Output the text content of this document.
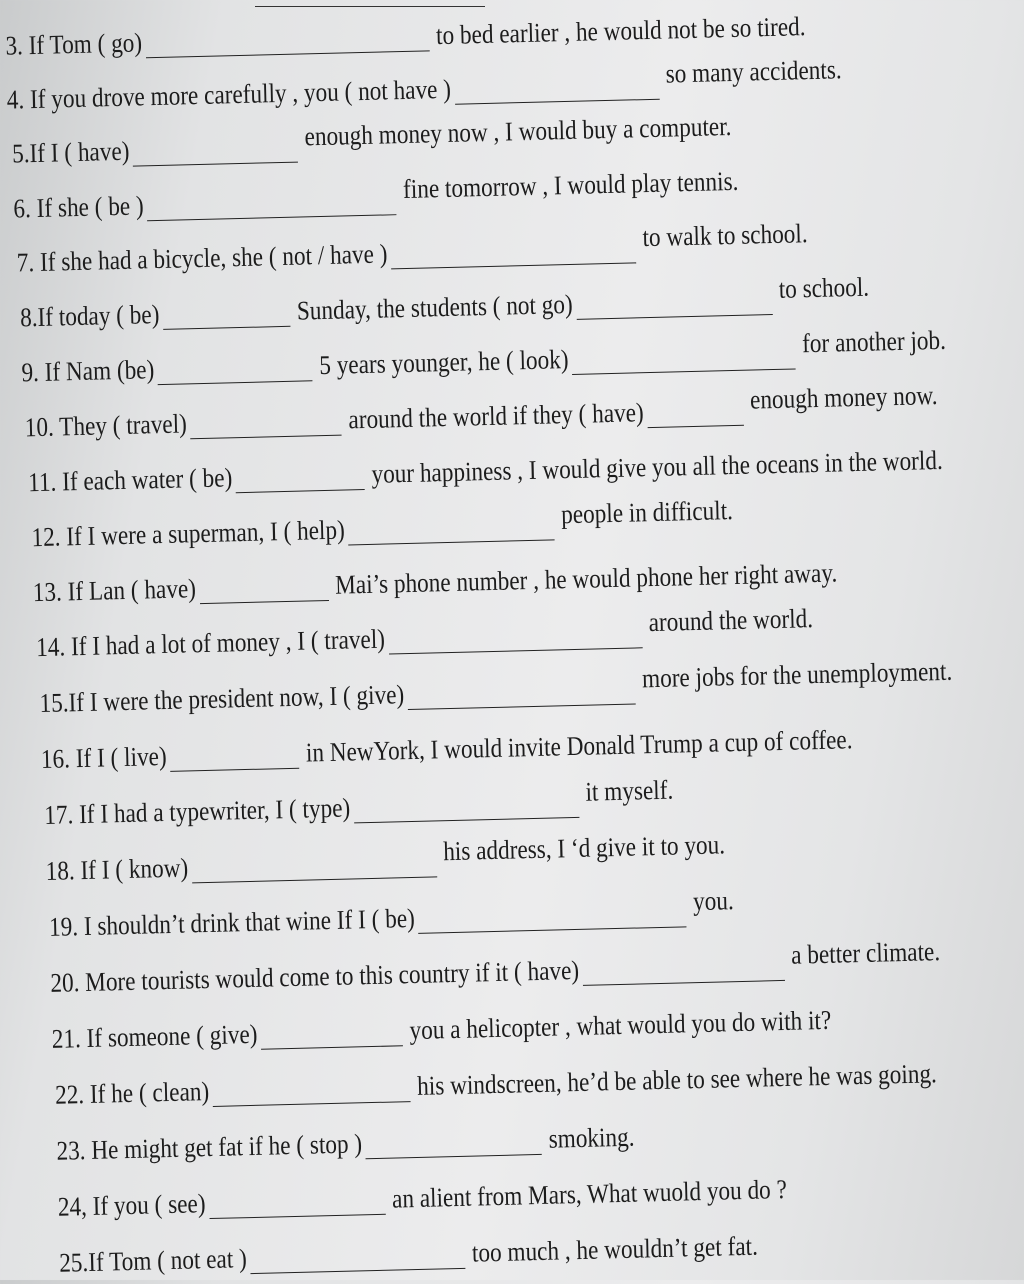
3. If Tom ( go)	to bed earlier , he would not be so tired.
4. If you drove more carefully , you ( not have )so many accidents.
5.If I ( have)enough money now , I would buy a computer.
6. If she ( be )fine tomorrow , I would play tennis.
7. If she had a bicycle, she ( not / have )to walk to school.
8.If today ( be)	Sunday, the students ( not go)to school.
9. If Nam (be)	5 years younger, he ( look)for another job.
10. They ( travel)	around the world if they ( have)	enough money now.
11. If each water ( be)	your happiness , I would give you all the oceans in the world.
12. If I were a superman, I ( help)people in difficult.
13. If Lan ( have)	Mai’s phone number , he would phone her right away.
14. If I had a lot of money , I ( travel)around the world.
15.If I were the president now, I ( give)more jobs for the unemployment.
16. If I ( live)	in NewYork, I would invite Donald Trump a cup of coffee.
17. If I had a typewriter, I ( type)it myself.
18. If I ( know)his address, I ‘d give it to you.
19. I shouldn’t drink that wine If I ( be)you.
20. More tourists would come to this country if it ( have)a better climate.
21. If someone ( give)	you a helicopter , what would you do with it?
22. If he ( clean)	his windscreen, he’d be able to see where he was going.
23. He might get fat if he ( stop )	smoking.
24, If you ( see)	an alient from Mars, What wuold you do ?
25.If Tom ( not eat )	too much , he wouldn’t get fat.
